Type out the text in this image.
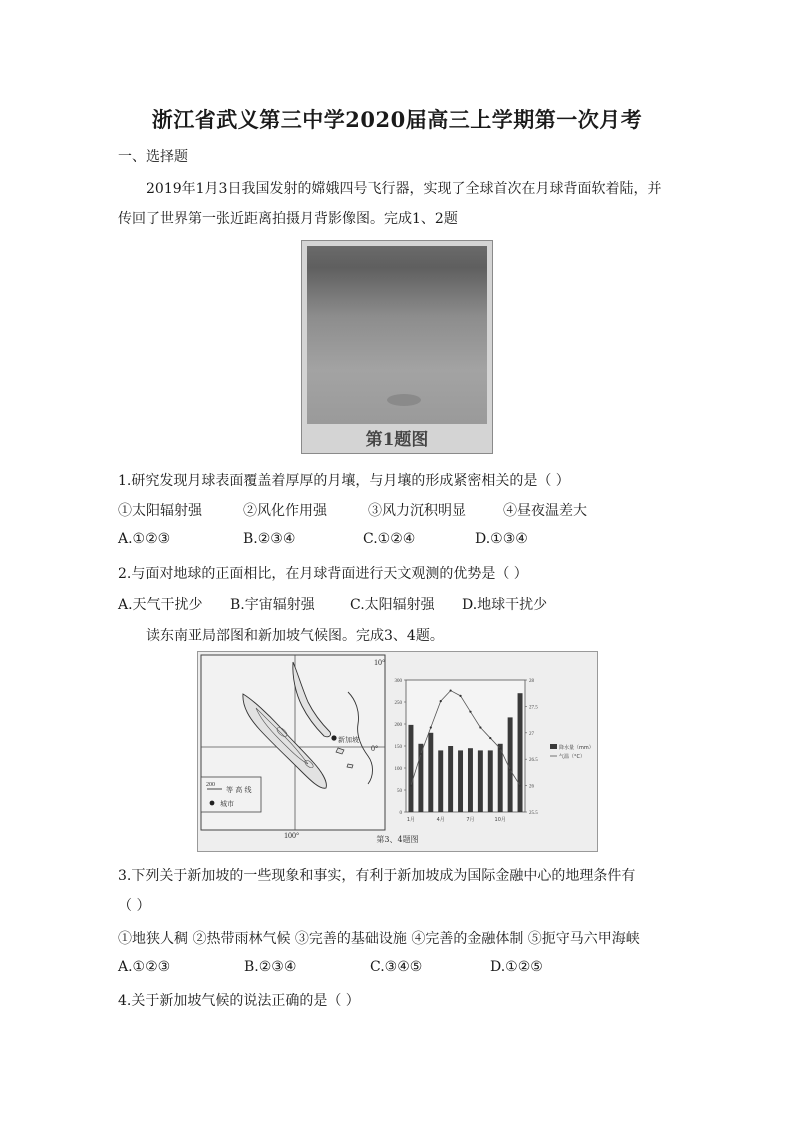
浙江省武义第三中学2020届高三上学期第一次月考
一、选择题
2019年1月3日我国发射的嫦娥四号飞行器，实现了全球首次在月球背面软着陆，并
传回了世界第一张近距离拍摄月背影像图。完成1、2题
第1题图
1.研究发现月球表面覆盖着厚厚的月壤，与月壤的形成紧密相关的是（ ）
①太阳辐射强	②风化作用强	③风力沉积明显	④昼夜温差大
A.①②③	B.②③④	C.①②④	D.①③④
2.与面对地球的正面相比，在月球背面进行天文观测的优势是（ ）
A.天气干扰少	B.宇宙辐射强	C.太阳辐射强	D.地球干扰少
读东南亚局部图和新加坡气候图。完成3、4题。
10°
0°
100°
新加坡
200
等 高 线
城市
0
50
100
150
200
250
300
25.5
26
26.5
27
27.5
28
1月	4月	7月	10月
降水量（mm）
气温（°C）
第3、4题图
3.下列关于新加坡的一些现象和事实，有利于新加坡成为国际金融中心的地理条件有
（ ）
①地狭人稠 ②热带雨林气候 ③完善的基础设施 ④完善的金融体制 ⑤扼守马六甲海峡
A.①②③	B.②③④	C.③④⑤	D.①②⑤
4.关于新加坡气候的说法正确的是（ ）
